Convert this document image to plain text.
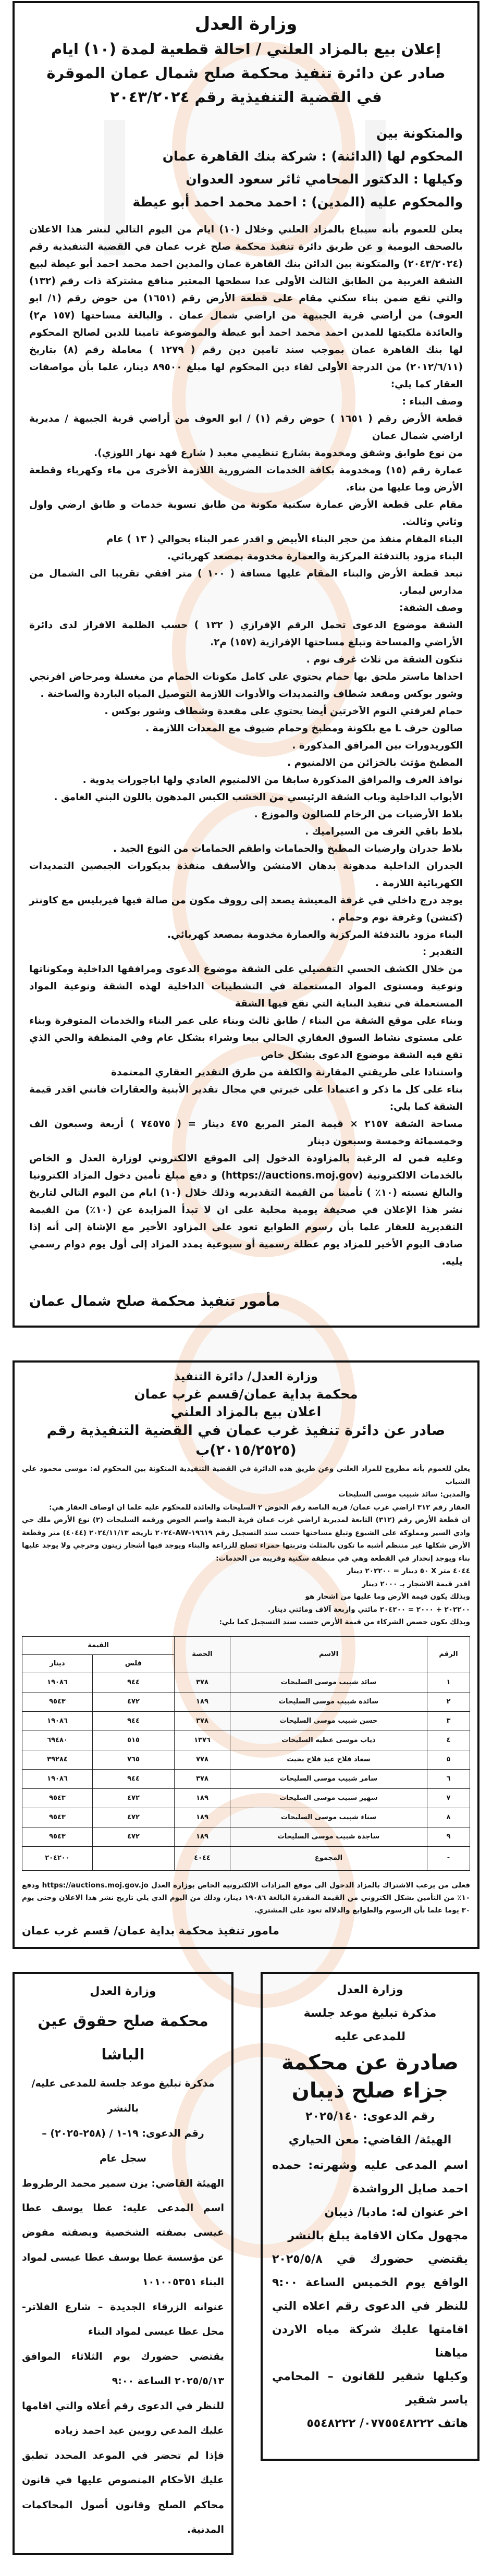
وزارة العدل
إعلان بيع بالمزاد العلني / احالة قطعية لمدة (١٠) ايام
صادر عن دائرة تنفيذ محكمة صلح شمال عمان الموقرة
في القضية التنفيذية رقم ٢٠٤٣/٢٠٢٤
والمتكونة بين
المحكوم لها (الدائنة) : شركة بنك القاهرة عمان
وكيلها : الدكتور المحامي ثائر سعود العدوان
والمحكوم عليه (المدين) : احمد محمد احمد أبو عيطة

يعلن للعموم بأنه سيباع بالمزاد العلني وخلال (١٠) ايام من اليوم التالي لنشر هذا الاعلان بالصحف اليومية و عن طريق دائرة تنفيذ محكمة صلح غرب عمان في القضية التنفيذية رقم (٢٠٤٣/٢٠٢٤) والمتكونة بين الدائن بنك القاهرة عمان والمدين احمد محمد احمد أبو عيطة لبيع الشقة الغربية من الطابق الثالث الأولى عدا سطحها المعتبر منافع مشتركة ذات رقم (١٣٢) والتي تقع ضمن بناء سكني مقام على قطعة الأرض رقم (١٦٥١) من حوض رقم (١/ ابو العوف) من أراضي قرية الجبيهة من اراضي شمال عمان . والبالغة مساحتها (١٥٧ م٢) والعائدة ملكيتها للمدين احمد محمد احمد أبو عيطة والموضوعة تامينا للدين لصالح المحكوم لها بنك القاهرة عمان بموجب سند تامين دين رقم ( ١٢٧٩ ) معاملة رقم (٨) بتاريخ (٢٠١٢/٦/١١) من الدرجة الأولى لقاء دين المحكوم لها مبلغ ٨٩٥٠٠ دينار، علما بأن مواصفات العقار كما يلي:

وصف البناء :

قطعة الأرض رقم ( ١٦٥١ ) حوض رقم (١) / ابو العوف من أراضي قرية الجبيهة / مديرية اراضي شمال عمان

من نوع طوابق وشقق ومخدومة بشارع تنظيمي معبد ( شارع فهد نهار اللوزي).

عمارة رقم (١٥) ومخدومة بكافة الخدمات الضرورية اللازمة الأخرى من ماء وكهرباء وقطعة الأرض وما عليها من بناء.

مقام على قطعة الأرض عمارة سكنية مكونة من طابق تسوية خدمات و طابق ارضي واول وثاني وثالث.

البناء المقام منفذ من حجر البناء الأبيض و اقدر عمر البناء بحوالي ( ١٣ ) عام

البناء مزود بالتدفئة المركزية والعمارة مخدومة بمصعد كهربائي.

تبعد قطعة الأرض والبناء المقام عليها مسافة ( ١٠٠ ) متر افقي تقريبا الى الشمال من مدارس ليمار.

وصف الشقة:

الشقة موضوع الدعوى تحمل الرقم الإفرازي ( ١٣٢ ) حسب الظلمة الافراز لدى دائرة الأراضي والمساحة وتبلغ مساحتها الإفرازية (١٥٧) م٢.

تتكون الشقة من ثلاث غرف نوم .

احداها ماستر ملحق بها حمام يحتوي على كامل مكونات الحمام من مغسلة ومرحاض افرنجي وشور بوكس ومقعد شطاف والتمديدات والأدوات اللازمة التوصيل المياه الباردة والساخنة .

حمام لغرفتي النوم الآخرتين أيضا يحتوي على مقعدة وشطاف وشور بوكس .

صالون حرف L مع بلكونة ومطبخ وحمام ضيوف مع المعدات اللازمة .

الكوريدورات بين المرافق المذكورة .

المطبخ مؤثث بالخزائن من الالمنيوم .

نوافذ الغرف والمرافق المذكورة سابقا من الالمنيوم العادي ولها اباجورات يدوية .

الأبواب الداخلية وباب الشقة الرئيسي من الخشب الكبس المدهون باللون البني الغامق .

بلاط الأرضيات من الرخام للصالون والموزع .

بلاط باقي الغرف من السيراميك .

بلاط جدران وارضيات المطبخ والحمامات واطقم الحمامات من النوع الجيد .

الجدران الداخلية مدهونة بدهان الامنشن والأسقف منفذة بديكورات الجبصين التمديدات الكهربائية اللازمة .

يوجد درج داخلي في غرفة المعيشة يصعد إلى رووف مكون من صالة فيها فيربليس مع كاونتر (كتشن) وغرفة نوم وحمام .

البناء مزود بالتدفئة المركزية والعمارة مخدومة بمصعد كهربائي.

التقدير :

من خلال الكشف الحسي التفصيلي على الشقة موضوع الدعوى ومرافقها الداخلية ومكوناتها ونوعية ومستوى المواد المستعملة في التشطيبات الداخلية لهذه الشقة ونوعية المواد المستعملة في تنفيذ البناية التي تقع فيها الشقة

وبناء على موقع الشقة من البناء / طابق ثالث وبناء على عمر البناء والخدمات المتوفرة وبناء على مستوى نشاط السوق العقاري الحالي بيعا وشراء بشكل عام وفي المنطقة والحي الذي تقع فيه الشقة موضوع الدعوى بشكل خاص

واستنادا على طريقتي المقارنة والكلفة من طرق التقدير العقاري المعتمدة

بناء على كل ما ذكر و اعتمادا على خبرتي في مجال تقدير الأبنية والعقارات فانني اقدر قيمة الشقة كما يلي:

مساحة الشقة ٢١٥٧ × قيمة المتر المربع ٤٧٥ دينار = ( ٧٤٥٧٥ ) أربعة وسبعون الف وخمسمائة وخمسة وسبعون دينار

وعليه فمن له الرغبة بالمزاودة الدخول إلى الموقع الالكتروني لوزارة العدل و الخاص بالخدمات الالكترونية (https://auctions.moj.gov) و دفع مبلغ تأمين دخول المزاد الكترونيا والبالغ نسبته (١٠٪ ) تأمينا من القيمة التقديريه وذلك خلال (١٠) ايام من اليوم التالي لتاريخ نشر هذا الإعلان في صحيفة يومية محلية على ان لا تبدأ المزايدة عن (١٠٪) من القيمة التقديرية للعقار علما بأن رسوم الطوابع تعود على المزاود الأخير مع الإشاة إلى أنه إذا صادف اليوم الأخير للمزاد يوم عطلة رسمية أو سبوعية يمدد المزاد إلى أول يوم دوام رسمي يليه.

مأمور تنفيذ محكمة صلح شمال عمان
وزارة العدل/ دائرة التنفيذ
محكمة بداية عمان/قسم غرب عمان
اعلان بيع بالمزاد العلني
صادر عن دائرة تنفيذ غرب عمان في القضية التنفيذية رقم (٢٠١٥/٢٥٢٥)ب

يعلن للعموم بأنه مطروح للمزاد العلني وعن طريق هذه الدائرة في القضية التنفيذية المتكونة بين المحكوم له: موسى محمود علي الشياب

والمدين: سائد شبيب موسى السليحات

العقار رقم ٣١٢ اراضي غرب عمان/ قرية الباصة رقم الحوض ٢ السليحات والعائدة للمحكوم عليه علما ان اوصاف العقار هي:

ان قطعة الأرض رقم (٣١٢) التابعة لمديرية اراضي غرب عمان قرية البصة واسم الحوض ورقمه السليحات (٢) نوع الأرض ملك حي وادي السير ومملوكة على الشيوع وتبلغ مساحتها حسب سند التسجيل رقم ١٩٦١٩-AW-٢٠٢٤ تاريخه ٢٠٢٤/١١/١٣ (٤٠٤٤) متر وقطعة الأرض شكلها غير منتظم أشبه ما تكون بالمثلث وتربتها حمراء تصلح للزراعة والبناء ويوجد فيها أشجار زيتون وحرجي ولا يوجد عليها بناء ويوجد إنحدار في القطعة وهي في منطقة سكنية وقريبة من الخدمات:

٤٠٤٤ متر X ٥٠ دينار = ٢٠٢٢٠٠ دينار

اقدر قيمة الاشجار بـ ٢٠٠٠ دينار

وبذلك يكون قيمة الأرض وما عليها من اشجار هو

٢٠٢٢٠٠ + ٢٠٠٠ = ٢٠٤٢٠٠ مائتي واربعة آلاف ومائتي دينار.

وبذلك يكون حصص الشركاء من قيمة الأرض حسب سند التسجيل كما يلي:

الرقم	الاسم	الحصة	القيمة	
			فلس	دينار
١	سائد شبيب موسى السليحات	٣٧٨	٩٤٤	١٩٠٨٦
٢	سائدة شبيب موسى السليحات	١٨٩	٤٧٢	٩٥٤٣
٣	حسن شبيب موسى السليحات	٣٧٨	٩٤٤	١٩٠٨٦
٤	ذياب موسى عطيه السليحات	١٣٧٦	٥١٥	٦٩٤٨٠
٥	سعاد فلاح عبد فلاح بخيت	٧٧٨	٧٦٥	٣٩٢٨٤
٦	سامر شبيب موسى السليحات	٣٧٨	٩٤٤	١٩٠٨٦
٧	سهير شبيب موسى السليحات	١٨٩	٤٧٢	٩٥٤٣
٨	سناء شبيب موسى السليحات	١٨٩	٤٧٢	٩٥٤٣
٩	ساجدة شبيب موسى السليحات	١٨٩	٤٧٢	٩٥٤٣
-	المجموع	٤٠٤٤		٢٠٤٢٠٠

فعلى من يرغب الاشتراك بالمزاد الدخول الى موقع المزادات الالكترونية الخاص بوزارة العدل https://auctions.moj.gov.jo ودفع ١٠٪ من التأمين بشكل الكتروني من القيمة المقدرة البالغة ١٩٠٨٦ دينار، وذلك من اليوم الذي يلي تاريخ نشر هذا الاعلان وحتى يوم ٣٠ يوما علما بأن الرسوم والطوابع والدلالة تعود على المشتري.

مامور تنفيذ محكمة بداية عمان/ قسم غرب عمان
وزارة العدل
محكمة صلح حقوق عين الباشا
مذكرة تبليغ موعد جلسة للمدعى عليه/
بالنشر
رقم الدعوى: ١٩-١ / (٢٥٨-٢٠٢٥) –
سجل عام
الهيئة القاضي: يزن سمير محمد الرطروط

اسم المدعى عليه: عطا يوسف عطا عيسى بصفته الشخصية وبصفته مفوض عن مؤسسة عطا يوسف عطا عيسى لمواد البناء ١٠١٠٠٥٣٥١

عنوانه الزرقاء الجديدة – شارع الفلاتر- محل عطا عيسى لمواد البناء

يقتضي حضورك يوم الثلاثاء الموافق ٢٠٢٥/٥/١٣ الساعة ٩:٠٠

للنظر في الدعوى رقم أعلاه والتي اقامها عليك المدعي روبين عيد احمد زياده

فإذا لم تحضر في الموعد المحدد تطبق عليك الأحكام المنصوص عليها في قانون محاكم الصلح وقانون أصول المحاكمات المدنية.

وزارة العدل
مذكرة تبليغ موعد جلسة
للمدعى عليه
صادرة عن محكمة
جزاء صلح ذيبان
رقم الدعوى: ٢٠٢٥/١٤٠
الهيئة/ القاضي: معن الحياري

اسم المدعى عليه وشهرته: حمده احمد صايل الرواشدة

اخر عنوان له: مادبا/ ذيبان

مجهول مكان الاقامة يبلغ بالنشر

يقتضي حضورك في ٢٠٢٥/٥/٨ الواقع يوم الخميس الساعة ٩:٠٠ للنظر في الدعوى رقم اعلاه التي اقامتها عليك شركة مياه الاردن مياهنا

وكيلها شقير للقانون – المحامي ياسر شقير

هاتف ٠٧٧٥٥٤٨٢٢٢/ ٥٥٤٨٢٢٢
